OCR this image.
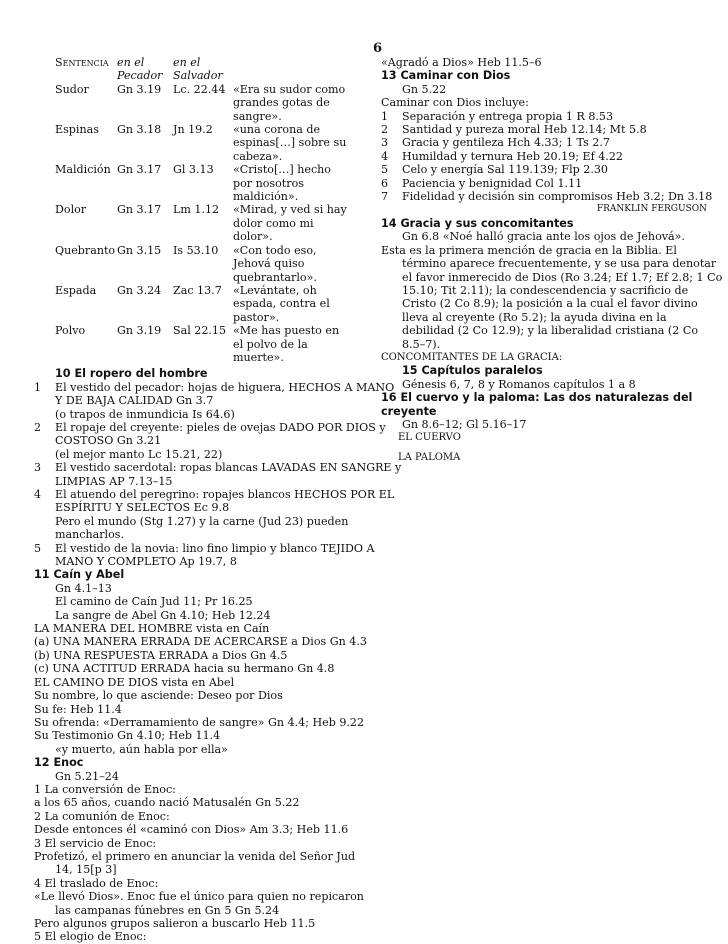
6
Sentencia	en el Pecador	en el Salvador	
Sudor	Gn 3.19	Lc. 22.44	«Era su sudor como grandes gotas de sangre».
Espinas	Gn 3.18	Jn 19.2	«una corona de espinas[…] sobre su cabeza».
Maldición	Gn 3.17	Gl 3.13	«Cristo[…] hecho por nosotros maldición».
Dolor	Gn 3.17	Lm 1.12	«Mirad, y ved si hay dolor como mi dolor».
Quebranto	Gn 3.15	Is 53.10	«Con todo eso, Jehová quiso quebrantarlo».
Espada	Gn 3.24	Zac 13.7	«Levántate, oh espada, contra el pastor».
Polvo	Gn 3.19	Sal 22.15	«Me has puesto en el polvo de la muerte».
10 El ropero del hombre
1 El vestido del pecador: hojas de higuera, HECHOS A MANO
Y DE BAJA CALIDAD Gn 3.7
(o trapos de inmundicia Is 64.6)
2 El ropaje del creyente: pieles de ovejas DADO POR DIOS y
COSTOSO Gn 3.21
(el mejor manto Lc 15.21, 22)
3 El vestido sacerdotal: ropas blancas LAVADAS EN SANGRE y
LIMPIAS AP 7.13–15
4 El atuendo del peregrino: ropajes blancos HECHOS POR EL
ESPÍRITU Y SELECTOS Ec 9.8
Pero el mundo (Stg 1.27) y la carne (Jud 23) pueden
mancharlos.
5 El vestido de la novia: lino fino limpio y blanco TEJIDO A
MANO Y COMPLETO Ap 19.7, 8
11 Caín y Abel
Gn 4.1–13
El camino de Caín Jud 11; Pr 16.25
La sangre de Abel Gn 4.10; Heb 12.24
LA MANERA DEL HOMBRE vista en Caín
(a) UNA MANERA ERRADA DE ACERCARSE a Dios Gn 4.3
(b) UNA RESPUESTA ERRADA a Dios Gn 4.5
(c) UNA ACTITUD ERRADA hacia su hermano Gn 4.8
EL CAMINO DE DIOS vista en Abel
Su nombre, lo que asciende: Deseo por Dios
Su fe: Heb 11.4
Su ofrenda: «Derramamiento de sangre» Gn 4.4; Heb 9.22
Su Testimonio Gn 4.10; Heb 11.4
«y muerto, aún habla por ella»
12 Enoc
Gn 5.21–24
1 La conversión de Enoc:
a los 65 años, cuando nació Matusalén Gn 5.22
2 La comunión de Enoc:
Desde entonces él «caminó con Dios» Am 3.3; Heb 11.6
3 El servicio de Enoc:
Profetizó, el primero en anunciar la venida del Señor Jud
14, 15[p 3]
4 El traslado de Enoc:
«Le llevó Dios». Enoc fue el único para quien no repicaron
las campanas fúnebres en Gn 5 Gn 5.24
Pero algunos grupos salieron a buscarlo Heb 11.5
5 El elogio de Enoc:
«Agradó a Dios» Heb 11.5–6
13 Caminar con Dios
Gn 5.22
Caminar con Dios incluye:
1 Separación y entrega propia 1 R 8.53
2 Santidad y pureza moral Heb 12.14; Mt 5.8
3 Gracia y gentileza Hch 4.33; 1 Ts 2.7
4 Humildad y ternura Heb 20.19; Ef 4.22
5 Celo y energía Sal 119.139; Flp 2.30
6 Paciencia y benignidad Col 1.11
7 Fidelidad y decisión sin compromisos Heb 3.2; Dn 3.18
FRANKLIN FERGUSON
14 Gracia y sus concomitantes
Gn 6.8 «Noé halló gracia ante los ojos de Jehová».
Esta es la primera mención de gracia en la Biblia. El
término aparece frecuentemente, y se usa para denotar
el favor inmerecido de Dios (Ro 3.24; Ef 1.7; Ef 2.8; 1 Co
15.10; Tit 2.11); la condescendencia y sacrificio de
Cristo (2 Co 8.9); la posición a la cual el favor divino
lleva al creyente (Ro 5.2); la ayuda divina en la
debilidad (2 Co 12.9); y la liberalidad cristiana (2 Co
8.5–7).
CONCOMITANTES DE LA GRACIA:
15 Capítulos paralelos
Génesis 6, 7, 8 y Romanos capítulos 1 a 8
16 El cuervo y la paloma: Las dos naturalezas del creyente
Gn 8.6–12; Gl 5.16–17
EL CUERVO
LA PALOMA
